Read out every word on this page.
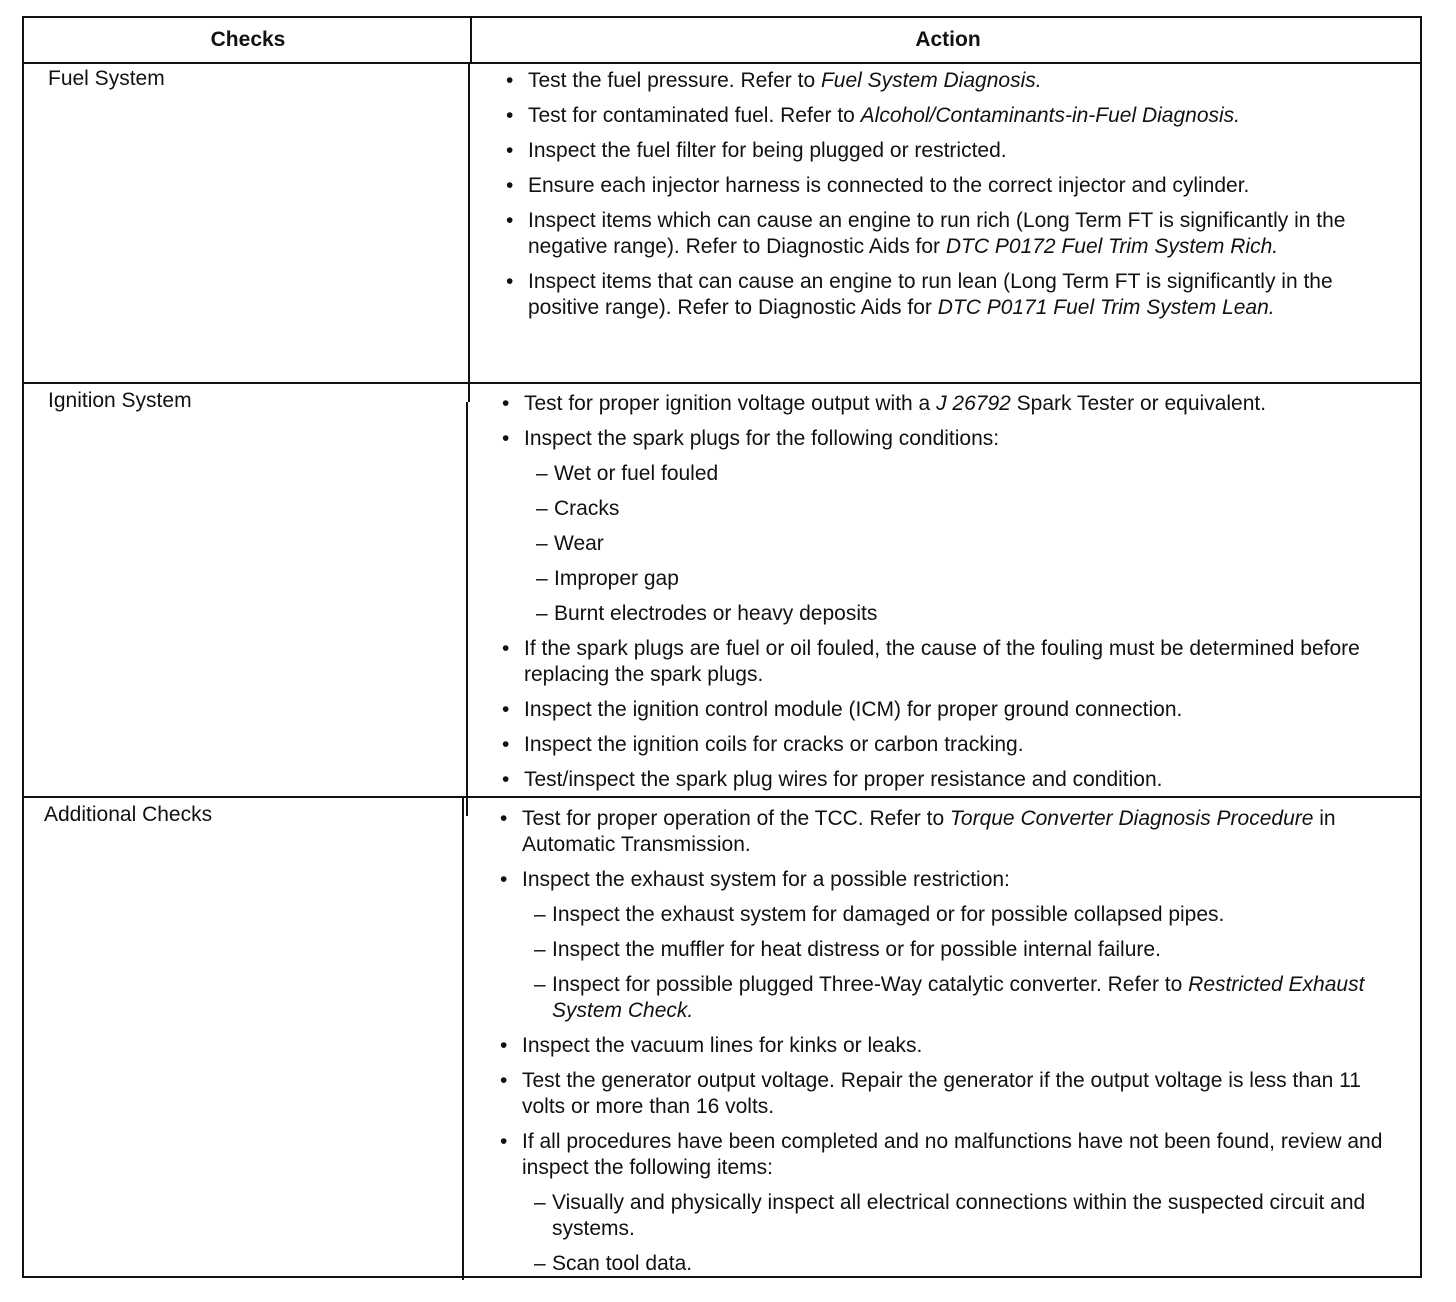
Checks	Action
Fuel System	• Test the fuel pressure. Refer to Fuel System Diagnosis.
• Test for contaminated fuel. Refer to Alcohol/Contaminants-in-Fuel Diagnosis.
• Inspect the fuel filter for being plugged or restricted.
• Ensure each injector harness is connected to the correct injector and cylinder.
• Inspect items which can cause an engine to run rich (Long Term FT is significantly in the negative range). Refer to Diagnostic Aids for DTC P0172 Fuel Trim System Rich.
• Inspect items that can cause an engine to run lean (Long Term FT is significantly in the positive range). Refer to Diagnostic Aids for DTC P0171 Fuel Trim System Lean.
Ignition System	• Test for proper ignition voltage output with a J 26792 Spark Tester or equivalent.
• Inspect the spark plugs for the following conditions:
– Wet or fuel fouled
– Cracks
– Wear
– Improper gap
– Burnt electrodes or heavy deposits
• If the spark plugs are fuel or oil fouled, the cause of the fouling must be determined before replacing the spark plugs.
• Inspect the ignition control module (ICM) for proper ground connection.
• Inspect the ignition coils for cracks or carbon tracking.
• Test/inspect the spark plug wires for proper resistance and condition.
Additional Checks	• Test for proper operation of the TCC. Refer to Torque Converter Diagnosis Procedure in Automatic Transmission.
• Inspect the exhaust system for a possible restriction:
– Inspect the exhaust system for damaged or for possible collapsed pipes.
– Inspect the muffler for heat distress or for possible internal failure.
– Inspect for possible plugged Three-Way catalytic converter. Refer to Restricted Exhaust System Check.
• Inspect the vacuum lines for kinks or leaks.
• Test the generator output voltage. Repair the generator if the output voltage is less than 11 volts or more than 16 volts.
• If all procedures have been completed and no malfunctions have not been found, review and inspect the following items:
– Visually and physically inspect all electrical connections within the suspected circuit and systems.
– Scan tool data.
